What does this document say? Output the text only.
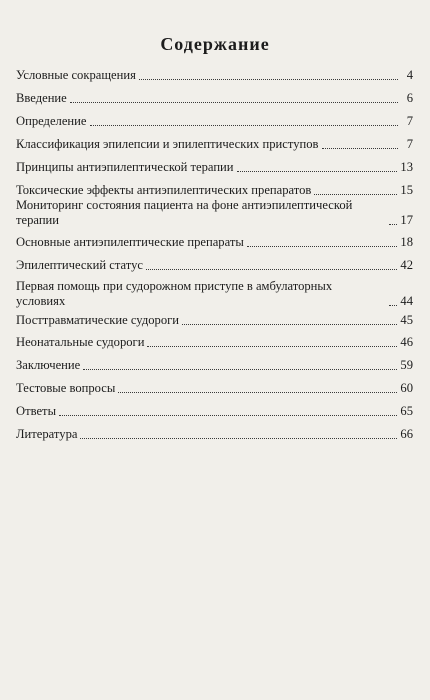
Содержание
Условные сокращения	4
Введение	6
Определение	7
Классификация эпилепсии и эпилептических приступов	7
Принципы антиэпилептической терапии	13
Токсические эффекты антиэпилептических препаратов	15
Мониторинг состояния пациента на фоне антиэпилептической терапии	17
Основные антиэпилептические препараты	18
Эпилептический статус	42
Первая помощь при судорожном приступе в амбулаторных условиях	44
Посттравматические судороги	45
Неонатальные судороги	46
Заключение	59
Тестовые вопросы	60
Ответы	65
Литература	66
